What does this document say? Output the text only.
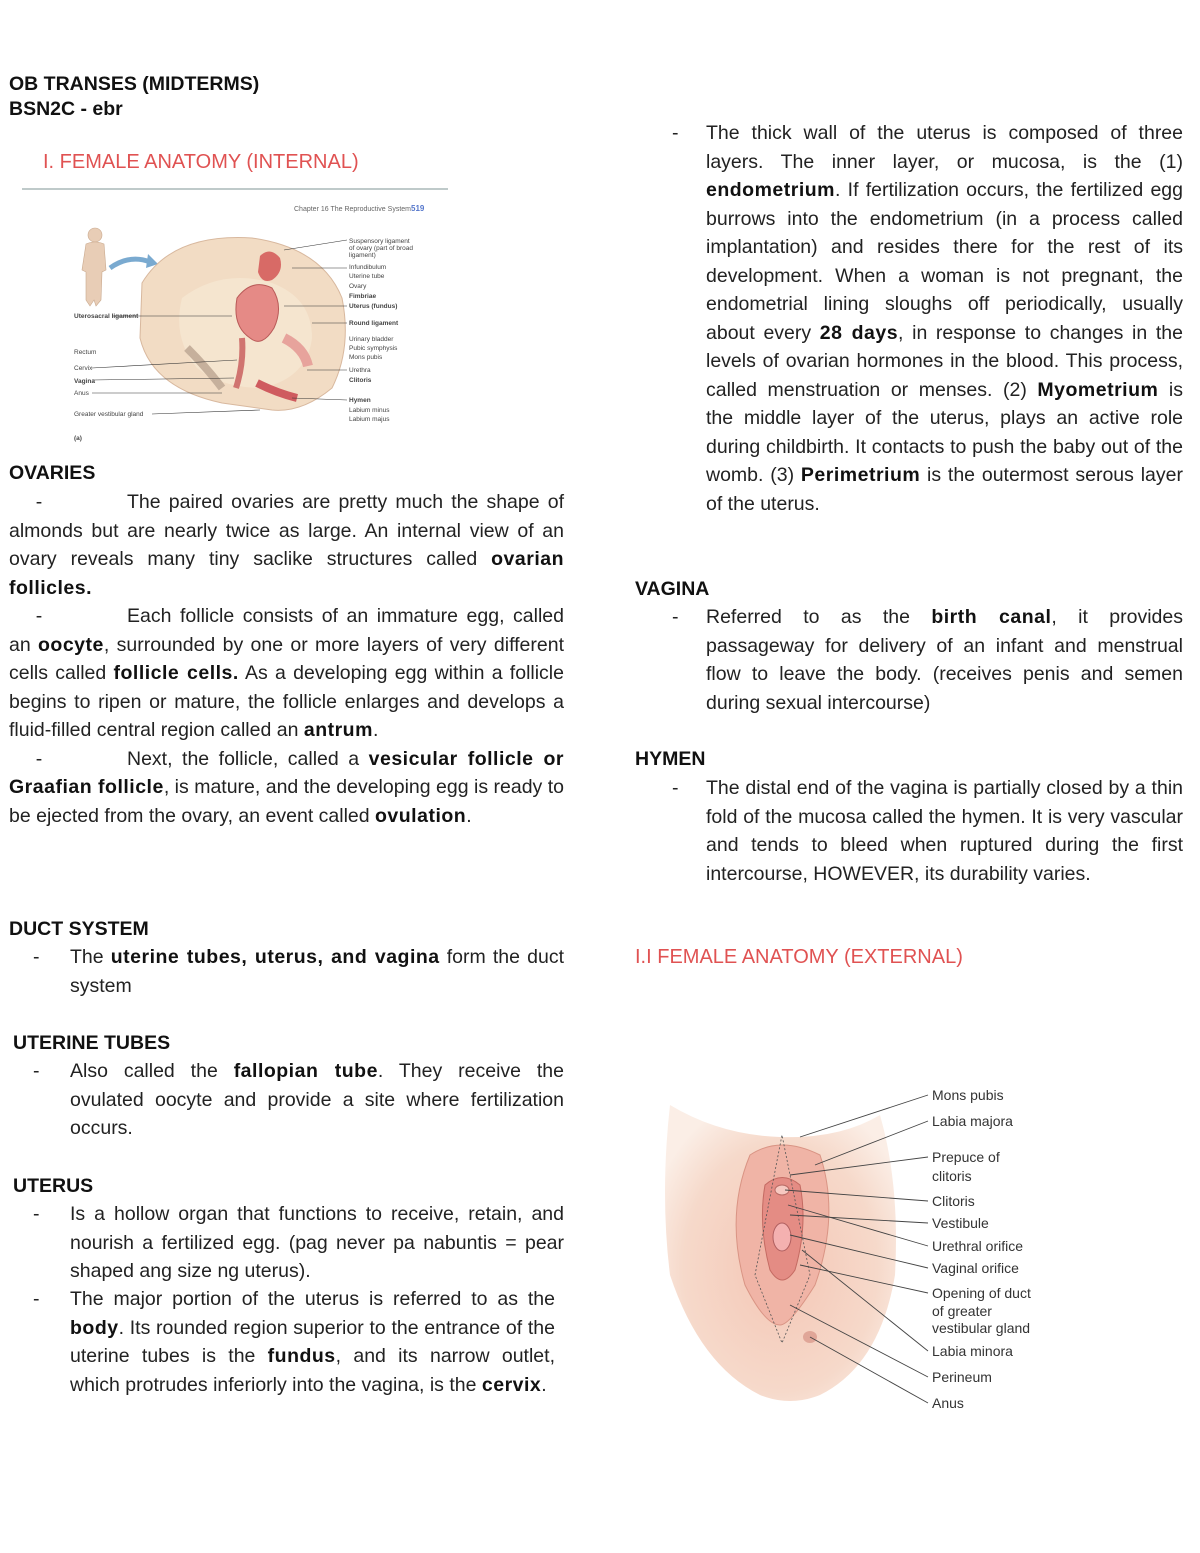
OB TRANSES (MIDTERMS)
BSN2C - ebr
I. FEMALE ANATOMY (INTERNAL)
Chapter 16 The Reproductive System 519
Suspensory ligament
of ovary (part of broad
ligament)
Infundibulum
Uterine tube
Ovary
Fimbriae
Uterus (fundus)
Round ligament
Urinary bladder
Pubic symphysis
Mons pubis
Urethra
Clitoris
Hymen
Labium minus
Labium majus
Uterosacral ligament
Rectum
Cervix
Vagina
Anus
Greater vestibular gland
(a)
OVARIES

-	The paired ovaries are pretty much the shape of almonds but are nearly twice as large. An internal view of an ovary reveals many tiny saclike structures called ovarian follicles.

-	Each follicle consists of an immature egg, called an oocyte, surrounded by one or more layers of very different cells called follicle cells. As a developing egg within a follicle begins to ripen or mature, the follicle enlarges and develops a fluid-filled central region called an antrum.

-	Next, the follicle, called a vesicular follicle or Graafian follicle, is mature, and the developing egg is ready to be ejected from the ovary, an event called ovulation.

DUCT SYSTEM
- The uterine tubes, uterus, and vagina form the duct system

UTERINE TUBES
- Also called the fallopian tube. They receive the ovulated oocyte and provide a site where fertilization occurs.

UTERUS
- Is a hollow organ that functions to receive, retain, and nourish a fertilized egg. (pag never pa nabuntis = pear shaped ang size ng uterus).

- The major portion of the uterus is referred to as the body. Its rounded region superior to the entrance of the uterine tubes is the fundus, and its narrow outlet, which protrudes inferiorly into the vagina, is the cervix.

- The thick wall of the uterus is composed of three layers. The inner layer, or mucosa, is the (1) endometrium. If fertilization occurs, the fertilized egg burrows into the endometrium (in a process called implantation) and resides there for the rest of its development. When a woman is not pregnant, the endometrial lining sloughs off periodically, usually about every 28 days, in response to changes in the levels of ovarian hormones in the blood. This process, called menstruation or menses. (2) Myometrium is the middle layer of the uterus, plays an active role during childbirth. It contacts to push the baby out of the womb. (3) Perimetrium is the outermost serous layer of the uterus.

VAGINA
- Referred to as the birth canal, it provides passageway for delivery of an infant and menstrual flow to leave the body. (receives penis and semen during sexual intercourse)

HYMEN
- The distal end of the vagina is partially closed by a thin fold of the mucosa called the hymen. It is very vascular and tends to bleed when ruptured during the first intercourse, HOWEVER, its durability varies.

I.I FEMALE ANATOMY (EXTERNAL)
Mons pubis
Labia majora
Prepuce of
clitoris
Clitoris
Vestibule
Urethral orifice
Vaginal orifice
Opening of duct
of greater
vestibular gland
Labia minora
Perineum
Anus
